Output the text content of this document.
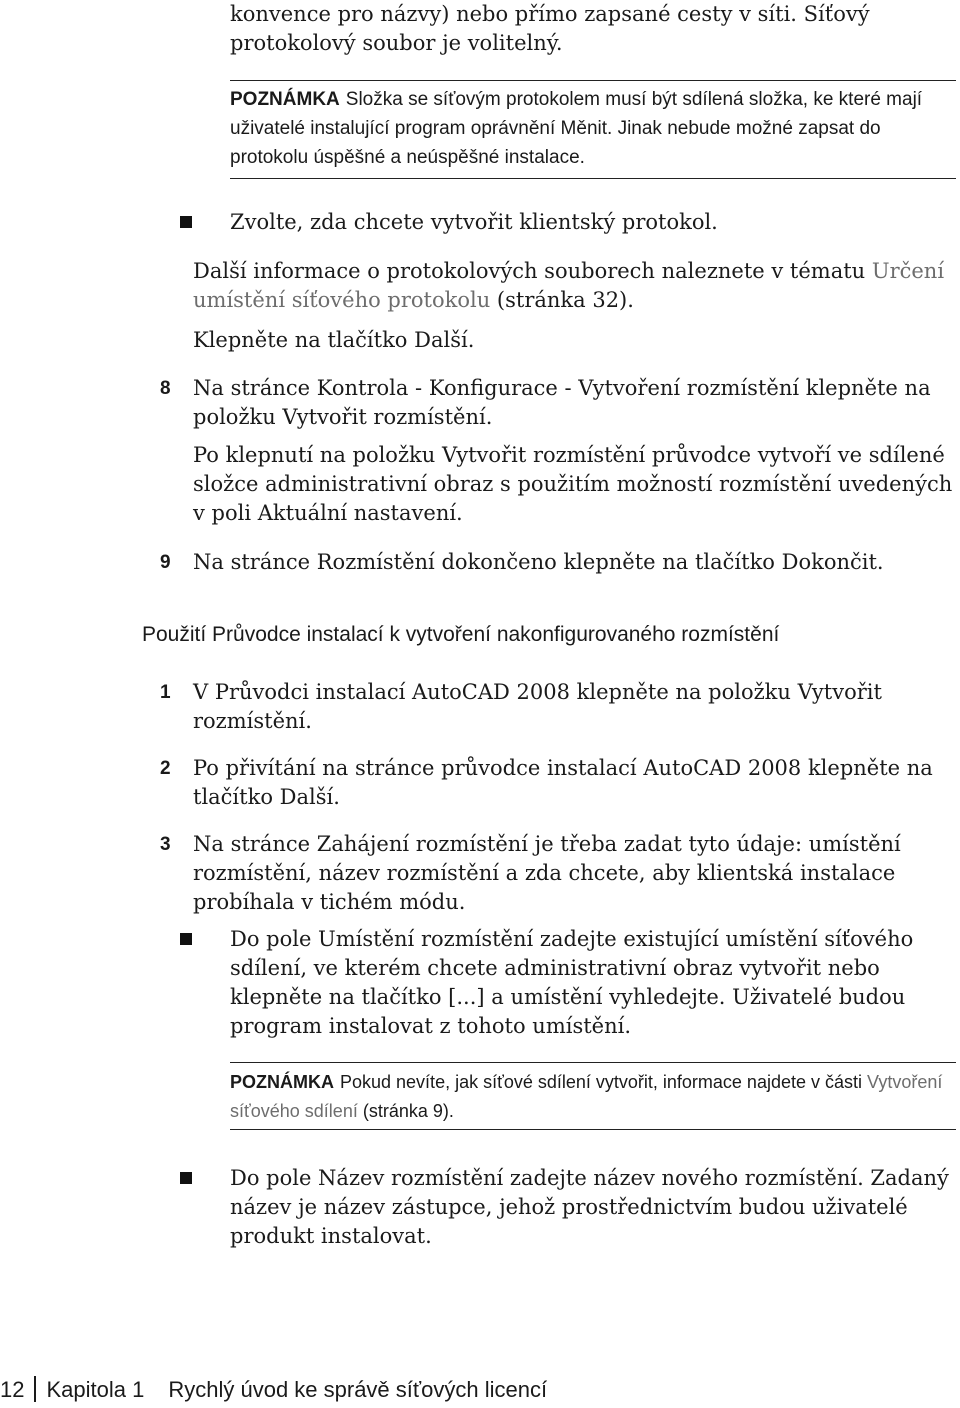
konvence pro názvy) nebo přímo zapsané cesty v síti. Síťový protokolový soubor je volitelný.

POZNÁMKA Složka se síťovým protokolem musí být sdílená složka, ke které mají uživatelé instalující program oprávnění Měnit. Jinak nebude možné zapsat do protokolu úspěšné a neúspěšné instalace.

Zvolte, zda chcete vytvořit klientský protokol.

Další informace o protokolových souborech naleznete v tématu Určení umístění síťového protokolu (stránka 32).

Klepněte na tlačítko Další.

8 Na stránce Kontrola - Konfigurace - Vytvoření rozmístění klepněte na položku Vytvořit rozmístění.

Po klepnutí na položku Vytvořit rozmístění průvodce vytvoří ve sdílené složce administrativní obraz s použitím možností rozmístění uvedených v poli Aktuální nastavení.

9 Na stránce Rozmístění dokončeno klepněte na tlačítko Dokončit.

Použití Průvodce instalací k vytvoření nakonfigurovaného rozmístění
1 V Průvodci instalací AutoCAD 2008 klepněte na položku Vytvořit rozmístění.

2 Po přivítání na stránce průvodce instalací AutoCAD 2008 klepněte na tlačítko Další.

3 Na stránce Zahájení rozmístění je třeba zadat tyto údaje: umístění rozmístění, název rozmístění a zda chcete, aby klientská instalace probíhala v tichém módu.

Do pole Umístění rozmístění zadejte existující umístění síťového sdílení, ve kterém chcete administrativní obraz vytvořit nebo klepněte na tlačítko [...] a umístění vyhledejte. Uživatelé budou program instalovat z tohoto umístění.

POZNÁMKA Pokud nevíte, jak síťové sdílení vytvořit, informace najdete v části Vytvoření síťového sdílení (stránka 9).

Do pole Název rozmístění zadejte název nového rozmístění. Zadaný název je název zástupce, jehož prostřednictvím budou uživatelé produkt instalovat.

12 Kapitola 1 Rychlý úvod ke správě síťových licencí
